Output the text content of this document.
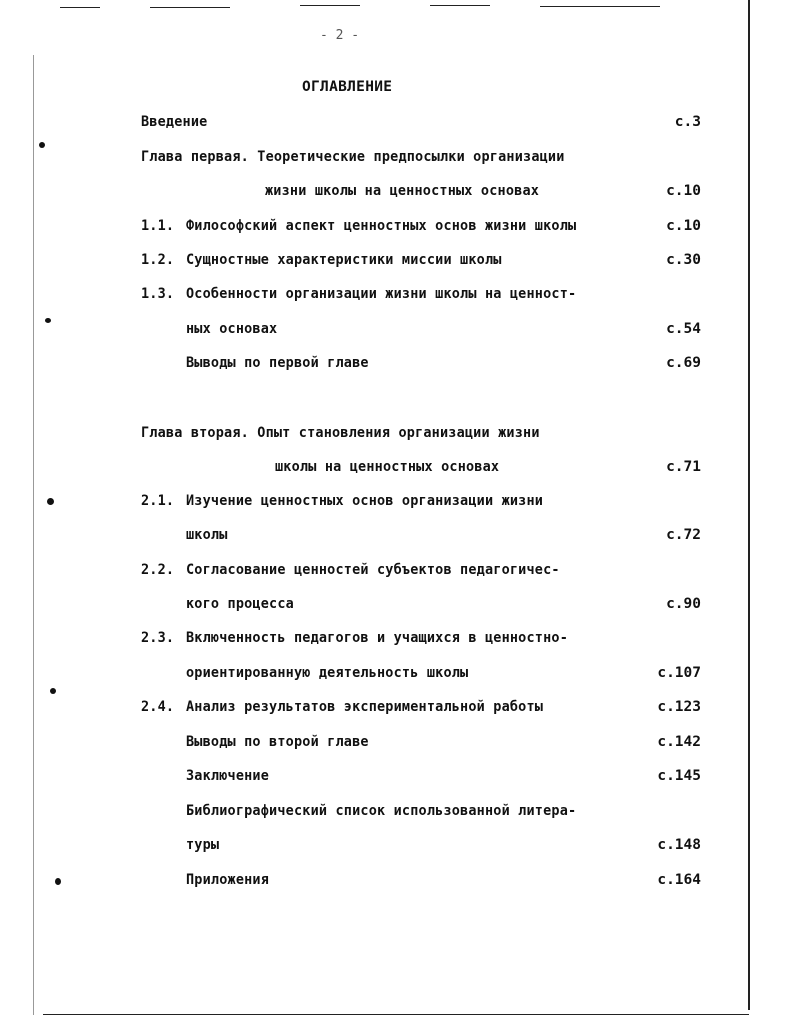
- 2 -
ОГЛАВЛЕНИЕ
Введение	с.3
Глава первая. Теоретические предпосылки организации
жизни школы на ценностных основах	с.10
1.1. Философский аспект ценностных основ жизни школы	с.10
1.2. Сущностные характеристики миссии школы	с.30
1.3. Особенности организации жизни школы на ценност-
ных основах	с.54
Выводы по первой главе	с.69
Глава вторая. Опыт становления организации жизни
школы на ценностных основах	с.71
2.1. Изучение ценностных основ организации жизни
школы	с.72
2.2. Согласование ценностей субъектов педагогичес-
кого процесса	с.90
2.3. Включенность педагогов и учащихся в ценностно-
ориентированную деятельность школы	с.107
2.4. Анализ результатов экспериментальной работы	с.123
Выводы по второй главе	с.142
Заключение	с.145
Библиографический список использованной литера-
туры	с.148
Приложения	с.164
